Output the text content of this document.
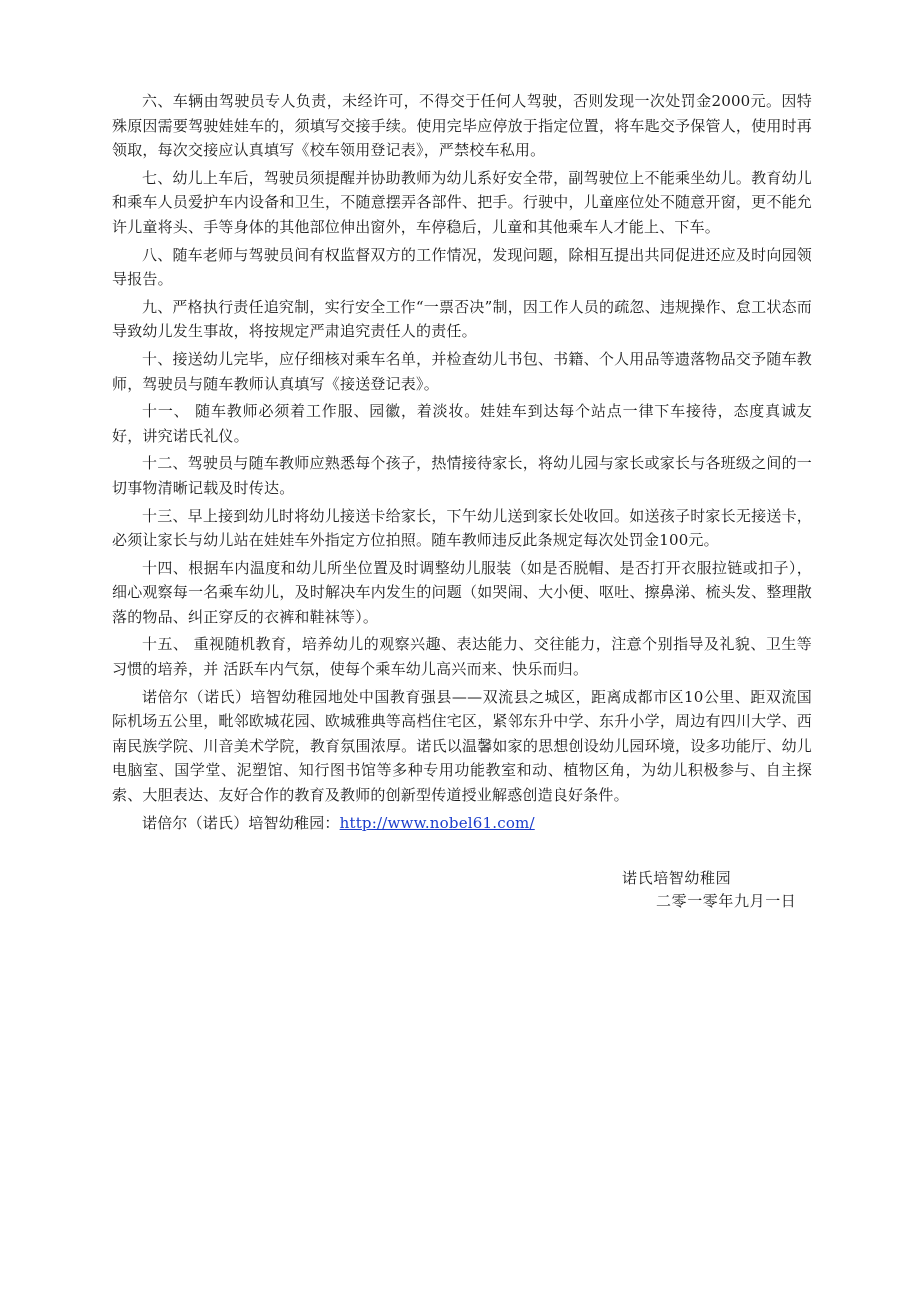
六、车辆由驾驶员专人负责，未经许可，不得交于任何人驾驶，否则发现一次处罚金2000元。因特殊原因需要驾驶娃娃车的，须填写交接手续。使用完毕应停放于指定位置，将车匙交予保管人，使用时再领取，每次交接应认真填写《校车领用登记表》，严禁校车私用。

七、幼儿上车后，驾驶员须提醒并协助教师为幼儿系好安全带，副驾驶位上不能乘坐幼儿。教育幼儿和乘车人员爱护车内设备和卫生，不随意摆弄各部件、把手。行驶中，儿童座位处不随意开窗，更不能允许儿童将头、手等身体的其他部位伸出窗外，车停稳后，儿童和其他乘车人才能上、下车。

八、随车老师与驾驶员间有权监督双方的工作情况，发现问题，除相互提出共同促进还应及时向园领导报告。

九、严格执行责任追究制，实行安全工作“一票否决”制，因工作人员的疏忽、违规操作、怠工状态而导致幼儿发生事故，将按规定严肃追究责任人的责任。

十、接送幼儿完毕，应仔细核对乘车名单，并检查幼儿书包、书籍、个人用品等遗落物品交予随车教师，驾驶员与随车教师认真填写《接送登记表》。

十一、 随车教师必须着工作服、园徽，着淡妆。娃娃车到达每个站点一律下车接待，态度真诚友好，讲究诺氏礼仪。

十二、驾驶员与随车教师应熟悉每个孩子，热情接待家长，将幼儿园与家长或家长与各班级之间的一切事物清晰记载及时传达。

十三、早上接到幼儿时将幼儿接送卡给家长，下午幼儿送到家长处收回。如送孩子时家长无接送卡，必须让家长与幼儿站在娃娃车外指定方位拍照。随车教师违反此条规定每次处罚金100元。

十四、根据车内温度和幼儿所坐位置及时调整幼儿服装（如是否脱帽、是否打开衣服拉链或扣子）， 细心观察每一名乘车幼儿，及时解决车内发生的问题（如哭闹、大小便、呕吐、擦鼻涕、梳头发、整理散落的物品、纠正穿反的衣裤和鞋袜等）。

十五、 重视随机教育，培养幼儿的观察兴趣、表达能力、交往能力，注意个别指导及礼貌、卫生等习惯的培养，并 活跃车内气氛，使每个乘车幼儿高兴而来、快乐而归。

诺倍尔（诺氏）培智幼稚园地处中国教育强县——双流县之城区，距离成都市区10公里、距双流国际机场五公里，毗邻欧城花园、欧城雅典等高档住宅区，紧邻东升中学、东升小学，周边有四川大学、西南民族学院、川音美术学院，教育氛围浓厚。诺氏以温馨如家的思想创设幼儿园环境，设多功能厅、幼儿电脑室、国学堂、泥塑馆、知行图书馆等多种专用功能教室和动、植物区角，为幼儿积极参与、自主探索、大胆表达、友好合作的教育及教师的创新型传道授业解惑创造良好条件。

诺倍尔（诺氏）培智幼稚园：http://www.nobel61.com/

诺氏培智幼稚园
二零一零年九月一日
